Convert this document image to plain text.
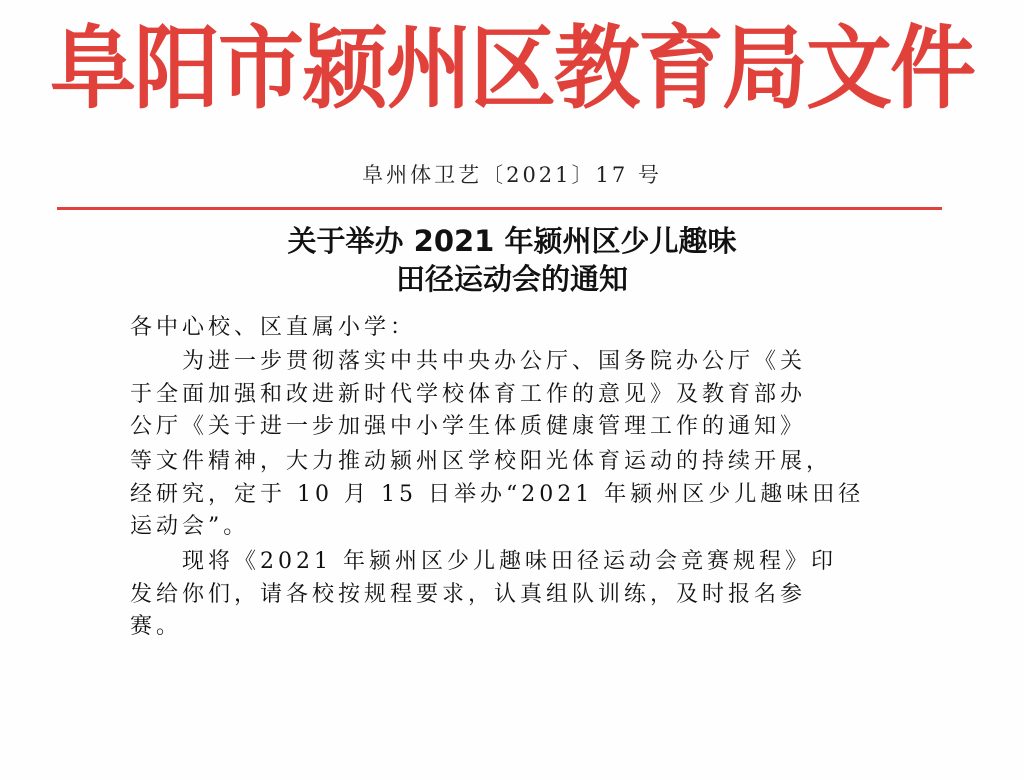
阜阳市颍州区教育局文件
阜州体卫艺〔2021〕17 号
关于举办 2021 年颍州区少儿趣味
田径运动会的通知
各中心校、区直属小学：
为进一步贯彻落实中共中央办公厅、国务院办公厅《关
于全面加强和改进新时代学校体育工作的意见》及教育部办
公厅《关于进一步加强中小学生体质健康管理工作的通知》
等文件精神，大力推动颍州区学校阳光体育运动的持续开展，
经研究，定于 10 月 15 日举办“2021 年颍州区少儿趣味田径
运动会”。
现将《2021 年颍州区少儿趣味田径运动会竞赛规程》印
发给你们，请各校按规程要求，认真组队训练，及时报名参
赛。
